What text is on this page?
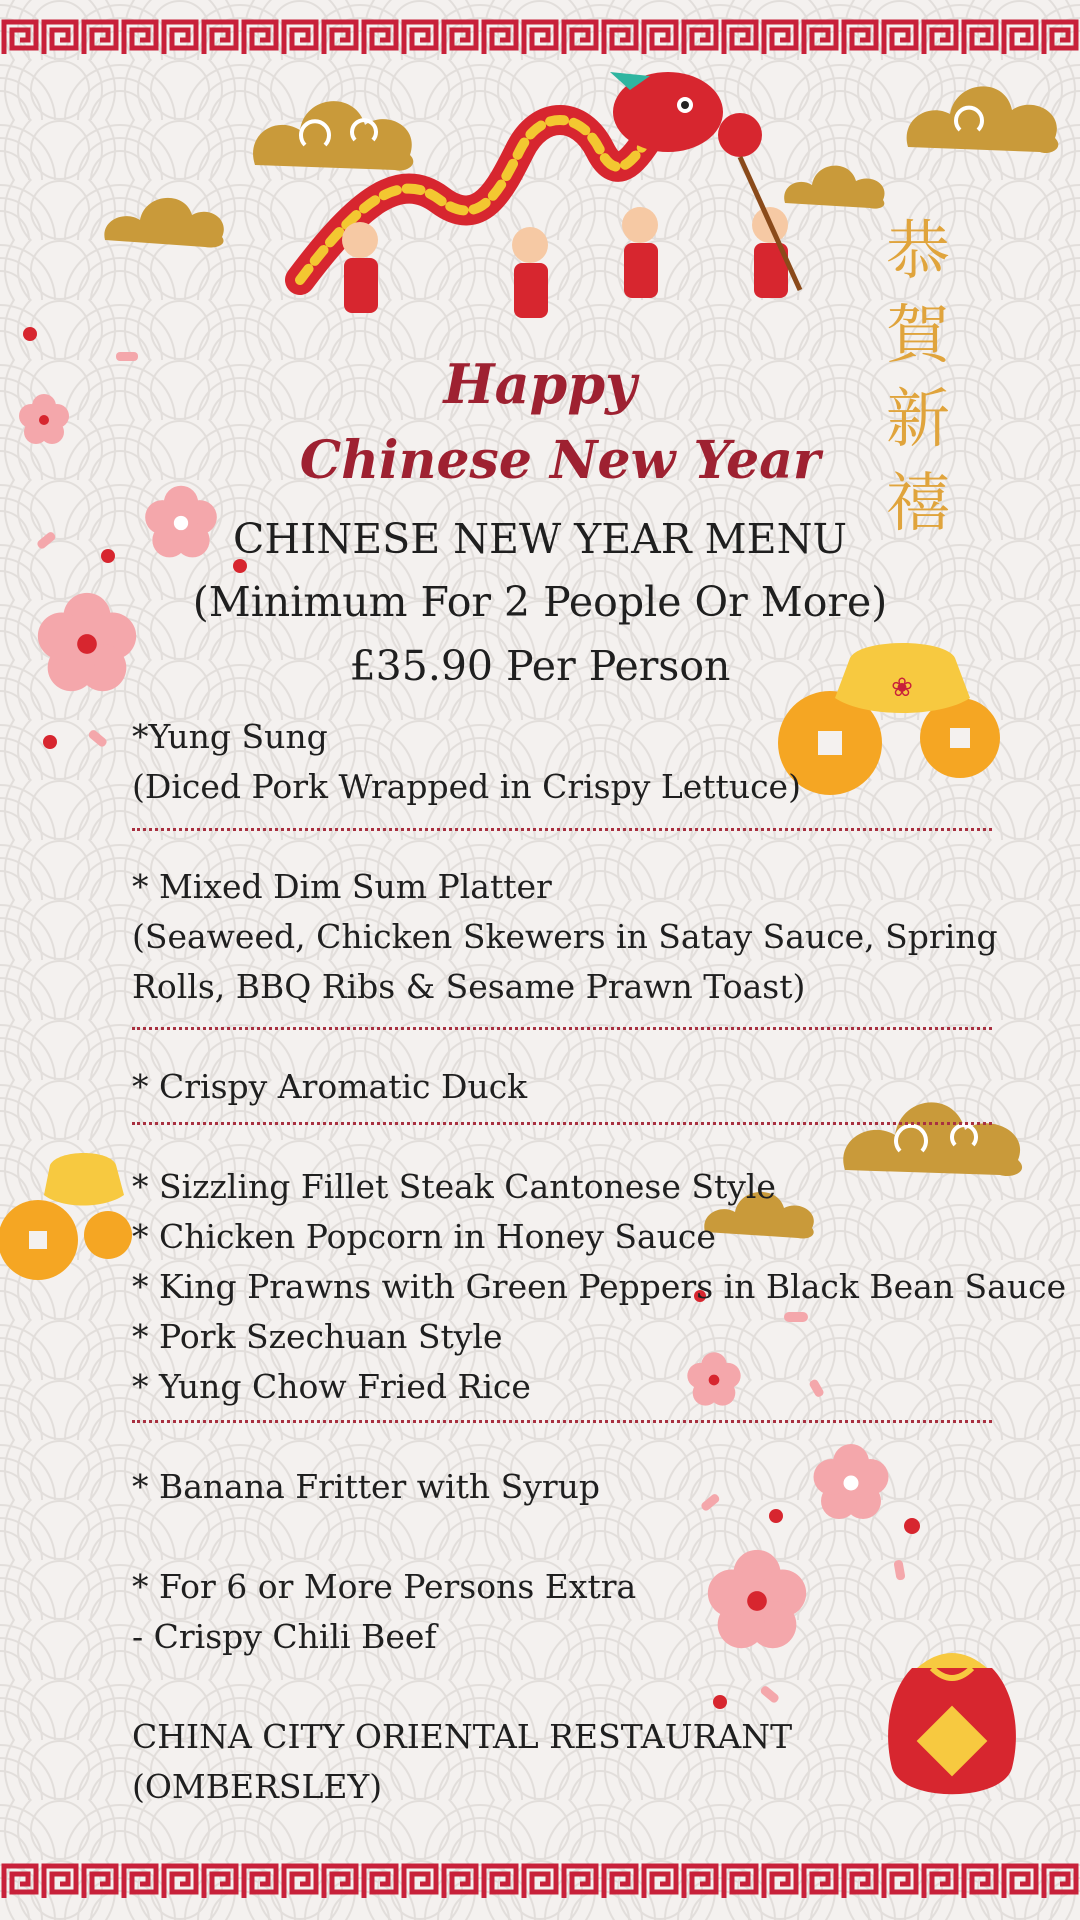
❀
Happy
Chinese New Year
恭
賀
新
禧
CHINESE NEW YEAR MENU
(Minimum For 2 People Or More)
£35.90 Per Person

*Yung Sung

(Diced Pork Wrapped in Crispy Lettuce)

* Mixed Dim Sum Platter

(Seaweed, Chicken Skewers in Satay Sauce, Spring

Rolls, BBQ Ribs & Sesame Prawn Toast)

* Crispy Aromatic Duck

* Sizzling Fillet Steak Cantonese Style

* Chicken Popcorn in Honey Sauce

* King Prawns with Green Peppers in Black Bean Sauce

* Pork Szechuan Style

* Yung Chow Fried Rice

* Banana Fritter with Syrup

* For 6 or More Persons Extra

- Crispy Chili Beef

CHINA CITY ORIENTAL RESTAURANT

(OMBERSLEY)
